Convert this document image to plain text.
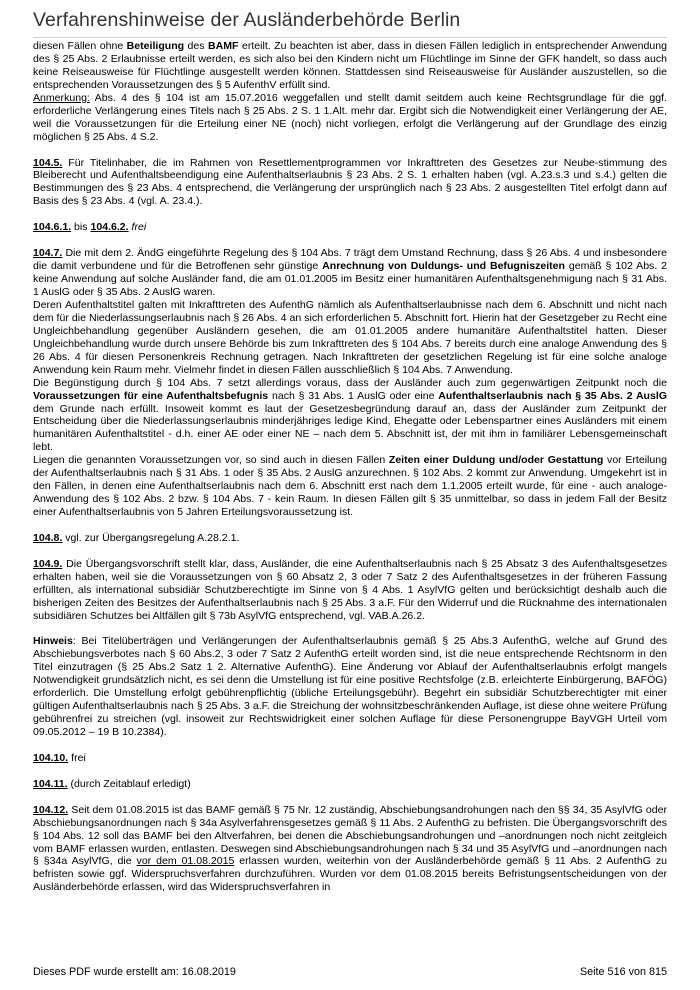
Verfahrenshinweise der Ausländerbehörde Berlin

diesen Fällen ohne Beteiligung des BAMF erteilt. Zu beachten ist aber, dass in diesen Fällen lediglich in entsprechender Anwendung des § 25 Abs. 2 Erlaubnisse erteilt werden, es sich also bei den Kindern nicht um Flüchtlinge im Sinne der GFK handelt, so dass auch keine Reiseausweise für Flüchtlinge ausgestellt werden können. Stattdessen sind Reiseausweise für Ausländer auszustellen, so die entsprechenden Voraussetzungen des § 5 AufenthV erfüllt sind.

Anmerkung: Abs. 4 des § 104 ist am 15.07.2016 weggefallen und stellt damit seitdem auch keine Rechtsgrundlage für die ggf. erforderliche Verlängerung eines Titels nach § 25 Abs. 2 S. 1 1.Alt. mehr dar. Ergibt sich die Notwendigkeit einer Verlängerung der AE, weil die Voraussetzungen für die Erteilung einer NE (noch) nicht vorliegen, erfolgt die Verlängerung auf der Grundlage des einzig möglichen § 25 Abs. 4 S.2.

104.5. Für Titelinhaber, die im Rahmen von Resettlementprogrammen vor Inkrafttreten des Gesetzes zur Neube-stimmung des Bleiberecht und Aufenthaltsbeendigung eine Aufenthaltserlaubnis § 23 Abs. 2 S. 1 erhalten haben (vgl. A.23.s.3 und s.4.) gelten die Bestimmungen des § 23 Abs. 4 entsprechend, die Verlängerung der ursprünglich nach § 23 Abs. 2 ausgestellten Titel erfolgt dann auf Basis des § 23 Abs. 4 (vgl. A. 23.4.).

104.6.1. bis 104.6.2. frei

104.7. Die mit dem 2. ÄndG eingeführte Regelung des § 104 Abs. 7 trägt dem Umstand Rechnung, dass § 26 Abs. 4 und insbesondere die damit verbundene und für die Betroffenen sehr günstige Anrechnung von Duldungs- und Befugniszeiten gemäß § 102 Abs. 2 keine Anwendung auf solche Ausländer fand, die am 01.01.2005 im Besitz einer humanitären Aufenthaltsgenehmigung nach § 31 Abs. 1 AuslG oder § 35 Abs. 2 AuslG waren.

Deren Aufenthaltstitel galten mit Inkrafttreten des AufenthG nämlich als Aufenthaltserlaubnisse nach dem 6. Abschnitt und nicht nach dem für die Niederlassungserlaubnis nach § 26 Abs. 4 an sich erforderlichen 5. Abschnitt fort. Hierin hat der Gesetzgeber zu Recht eine Ungleichbehandlung gegenüber Ausländern gesehen, die am 01.01.2005 andere humanitäre Aufenthaltstitel hatten. Dieser Ungleichbehandlung wurde durch unsere Behörde bis zum Inkrafttreten des § 104 Abs. 7 bereits durch eine analoge Anwendung des § 26 Abs. 4 für diesen Personenkreis Rechnung getragen. Nach Inkrafttreten der gesetzlichen Regelung ist für eine solche analoge Anwendung kein Raum mehr. Vielmehr findet in diesen Fällen ausschließlich § 104 Abs. 7 Anwendung.

Die Begünstigung durch § 104 Abs. 7 setzt allerdings voraus, dass der Ausländer auch zum gegenwärtigen Zeitpunkt noch die Voraussetzungen für eine Aufenthaltsbefugnis nach § 31 Abs. 1 AuslG oder eine Aufenthaltserlaubnis nach § 35 Abs. 2 AuslG dem Grunde nach erfüllt. Insoweit kommt es laut der Gesetzesbegründung darauf an, dass der Ausländer zum Zeitpunkt der Entscheidung über die Niederlassungserlaubnis minderjähriges ledige Kind, Ehegatte oder Lebenspartner eines Ausländers mit einem humanitären Aufenthaltstitel - d.h. einer AE oder einer NE – nach dem 5. Abschnitt ist, der mit ihm in familiärer Lebensgemeinschaft lebt.

Liegen die genannten Voraussetzungen vor, so sind auch in diesen Fällen Zeiten einer Duldung und/oder Gestattung vor Erteilung der Aufenthaltserlaubnis nach § 31 Abs. 1 oder § 35 Abs. 2 AuslG anzurechnen. § 102 Abs. 2 kommt zur Anwendung. Umgekehrt ist in den Fällen, in denen eine Aufenthaltserlaubnis nach dem 6. Abschnitt erst nach dem 1.1.2005 erteilt wurde, für eine - auch analoge- Anwendung des § 102 Abs. 2 bzw. § 104 Abs. 7 - kein Raum. In diesen Fällen gilt § 35 unmittelbar, so dass in jedem Fall der Besitz einer Aufenthaltserlaubnis von 5 Jahren Erteilungsvoraussetzung ist.

104.8. vgl. zur Übergangsregelung A.28.2.1.

104.9. Die Übergangsvorschrift stellt klar, dass, Ausländer, die eine Aufenthaltserlaubnis nach § 25 Absatz 3 des Aufenthaltsgesetzes erhalten haben, weil sie die Voraussetzungen von § 60 Absatz 2, 3 oder 7 Satz 2 des Aufenthaltsgesetzes in der früheren Fassung erfüllten, als international subsidiär Schutzberechtigte im Sinne von § 4 Abs. 1 AsylVfG gelten und berücksichtigt deshalb auch die bisherigen Zeiten des Besitzes der Aufenthaltserlaubnis nach § 25 Abs. 3 a.F. Für den Widerruf und die Rücknahme des internationalen subsidiären Schutzes bei Altfällen gilt § 73b AsylVfG entsprechend, vgl. VAB.A.26.2.

Hinweis: Bei Titelüberträgen und Verlängerungen der Aufenthaltserlaubnis gemäß § 25 Abs.3 AufenthG, welche auf Grund des Abschiebungsverbotes nach § 60 Abs.2, 3 oder 7 Satz 2 AufenthG erteilt worden sind, ist die neue entsprechende Rechtsnorm in den Titel einzutragen (§ 25 Abs.2 Satz 1 2. Alternative AufenthG). Eine Änderung vor Ablauf der Aufenthaltserlaubnis erfolgt mangels Notwendigkeit grundsätzlich nicht, es sei denn die Umstellung ist für eine positive Rechtsfolge (z.B. erleichterte Einbürgerung, BAFÖG) erforderlich. Die Umstellung erfolgt gebührenpflichtig (übliche Erteilungsgebühr). Begehrt ein subsidiär Schutzberechtigter mit einer gültigen Aufenthaltserlaubnis nach § 25 Abs. 3 a.F. die Streichung der wohnsitzbeschränkenden Auflage, ist diese ohne weitere Prüfung gebührenfrei zu streichen (vgl. insoweit zur Rechtswidrigkeit einer solchen Auflage für diese Personengruppe BayVGH Urteil vom 09.05.2012 – 19 B 10.2384).

104.10. frei

104.11. (durch Zeitablauf erledigt)

104.12. Seit dem 01.08.2015 ist das BAMF gemäß § 75 Nr. 12 zuständig, Abschiebungsandrohungen nach den §§ 34, 35 AsylVfG oder Abschiebungsanordnungen nach § 34a Asylverfahrensgesetzes gemäß § 11 Abs. 2 AufenthG zu befristen. Die Übergangsvorschrift des § 104 Abs. 12 soll das BAMF bei den Altverfahren, bei denen die Abschiebungsandrohungen und –anordnungen noch nicht zeitgleich vom BAMF erlassen wurden, entlasten. Deswegen sind Abschiebungsandrohungen nach § 34 und 35 AsylVfG und –anordnungen nach § §34a AsylVfG, die vor dem 01.08.2015 erlassen wurden, weiterhin von der Ausländerbehörde gemäß § 11 Abs. 2 AufenthG zu befristen sowie ggf. Widerspruchsverfahren durchzuführen. Wurden vor dem 01.08.2015 bereits Befristungsentscheidungen von der Ausländerbehörde erlassen, wird das Widerspruchsverfahren in

Dieses PDF wurde erstellt am: 16.08.2019	Seite 516 von 815
